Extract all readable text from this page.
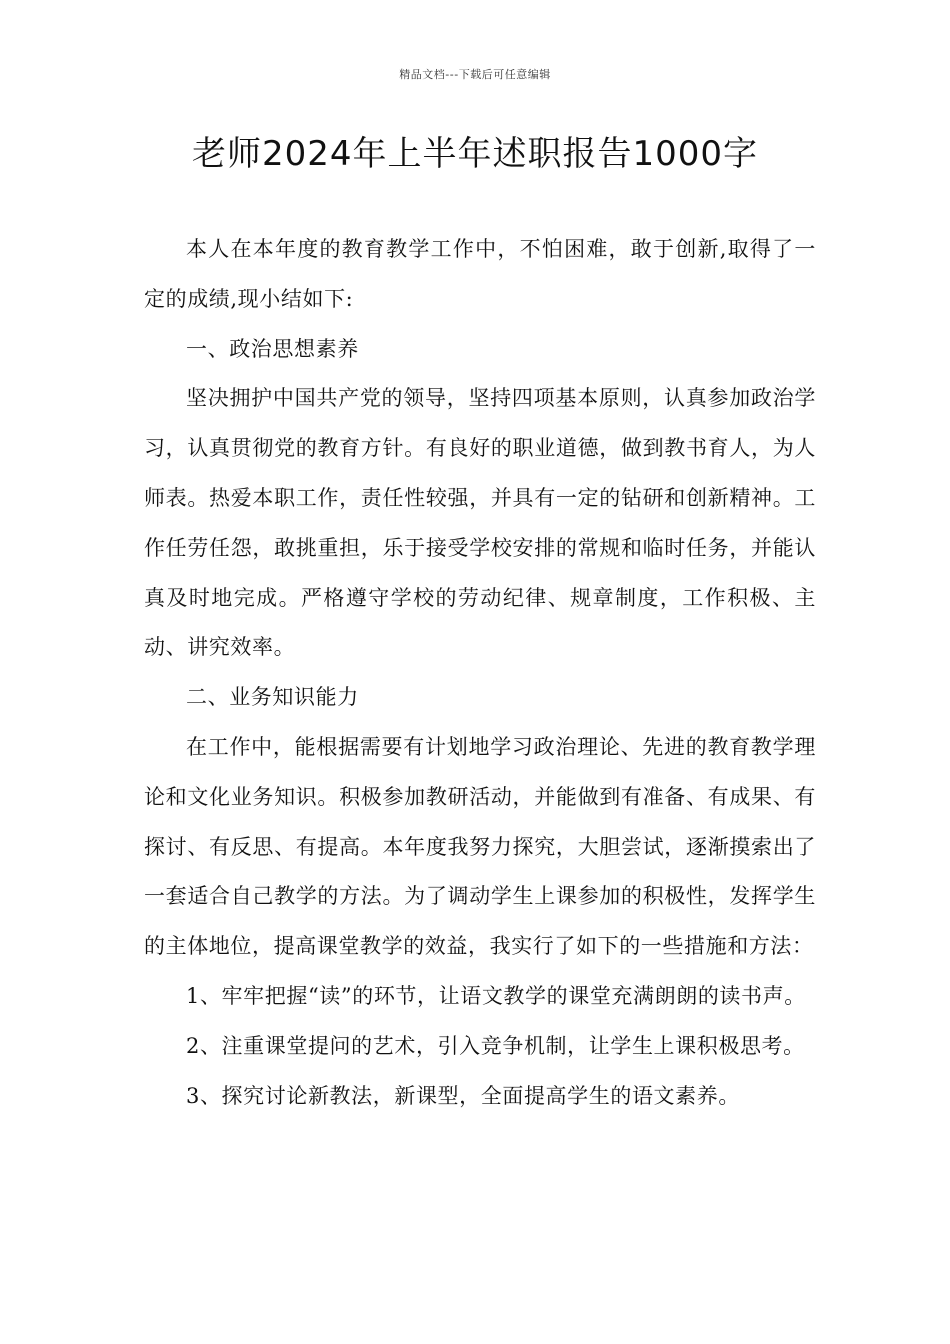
精品文档---下载后可任意编辑
老师2024年上半年述职报告1000字

本人在本年度的教育教学工作中，不怕困难，敢于创新,取得了一定的成绩,现小结如下:

一、政治思想素养

坚决拥护中国共产党的领导，坚持四项基本原则，认真参加政治学习，认真贯彻党的教育方针。有良好的职业道德，做到教书育人，为人师表。热爱本职工作，责任性较强，并具有一定的钻研和创新精神。工作任劳任怨，敢挑重担，乐于接受学校安排的常规和临时任务，并能认真及时地完成。严格遵守学校的劳动纪律、规章制度，工作积极、主动、讲究效率。

二、业务知识能力

在工作中，能根据需要有计划地学习政治理论、先进的教育教学理论和文化业务知识。积极参加教研活动，并能做到有准备、有成果、有探讨、有反思、有提高。本年度我努力探究，大胆尝试，逐渐摸索出了一套适合自己教学的方法。为了调动学生上课参加的积极性，发挥学生的主体地位，提高课堂教学的效益，我实行了如下的一些措施和方法：

1、牢牢把握“读”的环节，让语文教学的课堂充满朗朗的读书声。

2、注重课堂提问的艺术，引入竞争机制，让学生上课积极思考。

3、探究讨论新教法，新课型，全面提高学生的语文素养。
